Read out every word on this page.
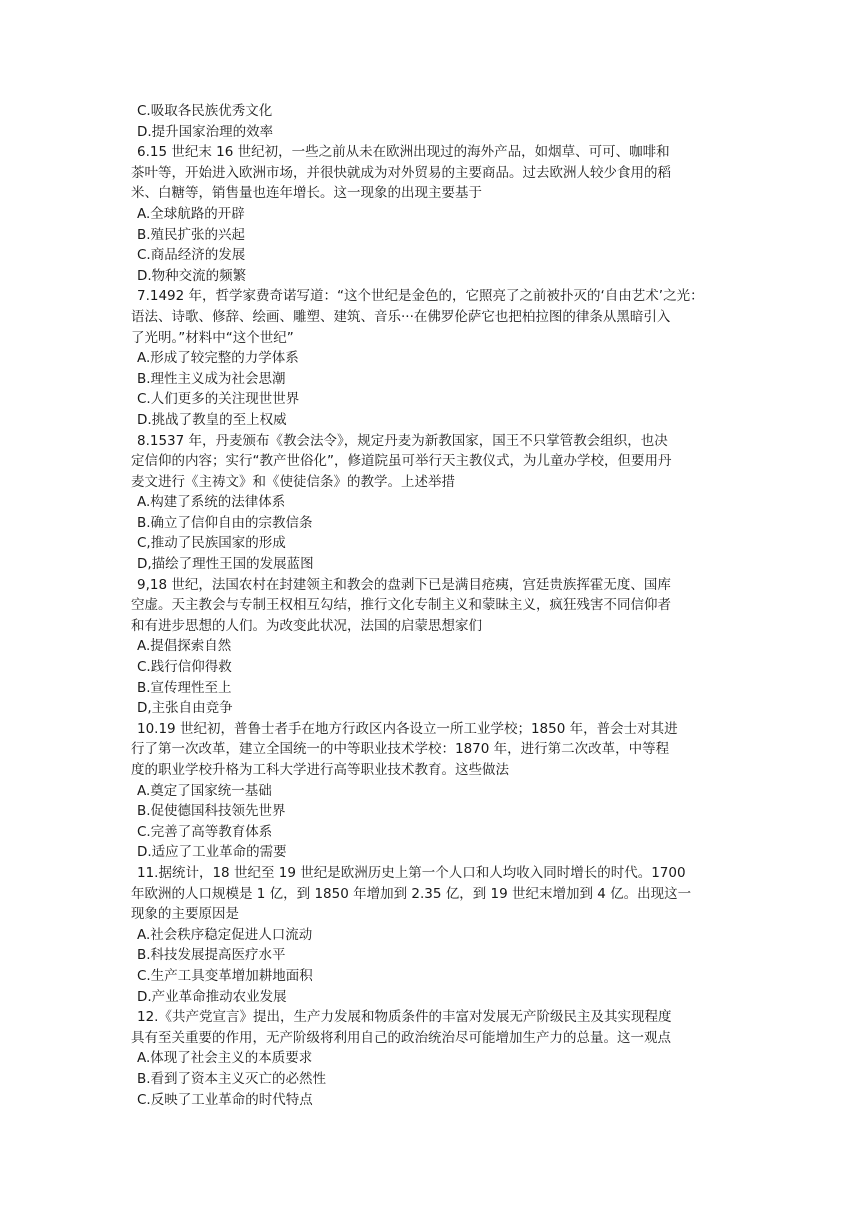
C.吸取各民族优秀文化
D.提升国家治理的效率
6.15 世纪末 16 世纪初，一些之前从未在欧洲出现过的海外产品，如烟草、可可、咖啡和
茶叶等，开始进入欧洲市场，并很快就成为对外贸易的主要商品。过去欧洲人较少食用的稻
米、白糖等，销售量也连年增长。这一现象的出现主要基于
A.全球航路的开辟
B.殖民扩张的兴起
C.商品经济的发展
D.物种交流的频繁
7.1492 年，哲学家费奇诺写道：“这个世纪是金色的，它照亮了之前被扑灭的‘自由艺术’之光：
语法、诗歌、修辞、绘画、雕塑、建筑、音乐···在佛罗伦萨它也把柏拉图的律条从黑暗引入
了光明。”材料中“这个世纪”
A.形成了较完整的力学体系
B.理性主义成为社会思潮
C.人们更多的关注现世世界
D.挑战了教皇的至上权威
8.1537 年，丹麦颁布《教会法令》，规定丹麦为新教国家，国王不只掌管教会组织，也决
定信仰的内容；实行“教产世俗化”，修道院虽可举行天主教仪式，为儿童办学校，但要用丹
麦文进行《主祷文》和《使徒信条》的教学。上述举措
A.构建了系统的法律体系
B.确立了信仰自由的宗教信条
C,推动了民族国家的形成
D,描绘了理性王国的发展蓝图
9,18 世纪，法国农村在封建领主和教会的盘剥下已是满目疮痍，宫廷贵族挥霍无度、国库
空虚。天主教会与专制王权相互勾结，推行文化专制主义和蒙昧主义，疯狂残害不同信仰者
和有进步思想的人们。为改变此状况，法国的启蒙思想家们
A.提倡探索自然
C.践行信仰得救
B.宣传理性至上
D,主张自由竞争
10.19 世纪初，普鲁士者手在地方行政区内各设立一所工业学校；1850 年，普会士对其进
行了第一次改革，建立全国统一的中等职业技术学校：1870 年，进行第二次改革，中等程
度的职业学校升格为工科大学进行高等职业技术教育。这些做法
A.奠定了国家统一基础
B.促使德国科技领先世界
C.完善了高等教育体系
D.适应了工业革命的需要
11.据统计，18 世纪至 19 世纪是欧洲历史上第一个人口和人均收入同时增长的时代。1700
年欧洲的人口规模是 1 亿，到 1850 年增加到 2.35 亿，到 19 世纪末增加到 4 亿。出现这一
现象的主要原因是
A.社会秩序稳定促进人口流动
B.科技发展提高医疗水平
C.生产工具变革增加耕地面积
D.产业革命推动农业发展
12.《共产党宣言》提出，生产力发展和物质条件的丰富对发展无产阶级民主及其实现程度
具有至关重要的作用，无产阶级将利用自己的政治统治尽可能增加生产力的总量。这一观点
A.体现了社会主义的本质要求
B.看到了资本主义灭亡的必然性
C.反映了工业革命的时代特点
